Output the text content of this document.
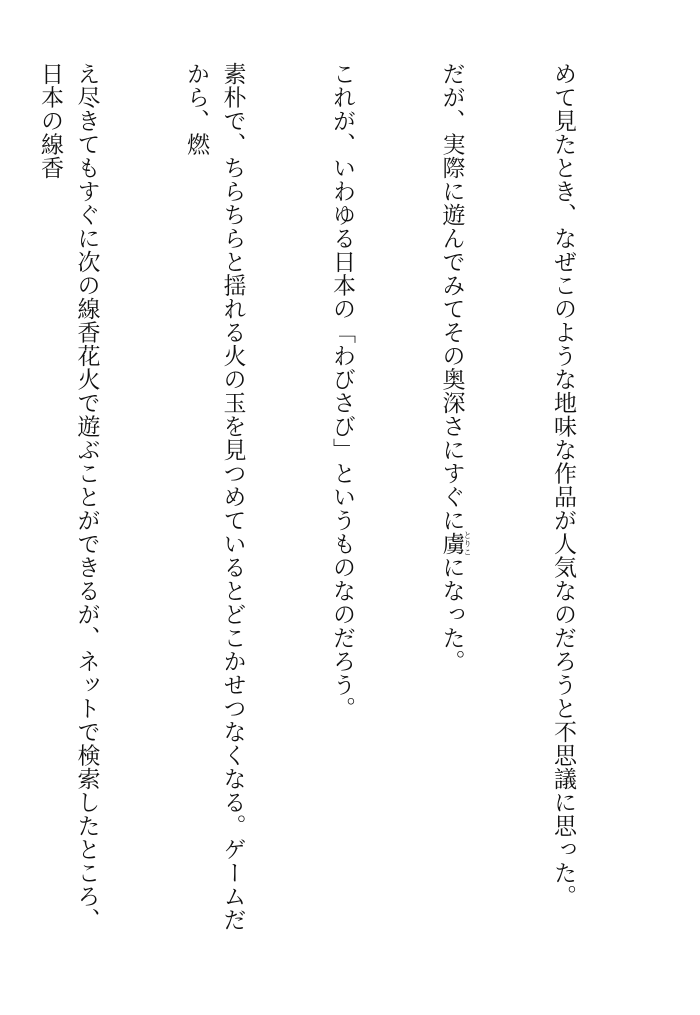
めて見たとき、なぜこのような地味な作品が人気なのだろうと不思議に思った。

だが、実際に遊んでみてその奥深さにすぐに虜とりこになった。

これが、いわゆる日本の「わびさび」というものなのだろう。

素朴で、ちらちらと揺れる火の玉を見つめているとどこかせつなくなる。ゲームだから、燃

え尽きてもすぐに次の線香花火で遊ぶことができるが、ネットで検索したところ、日本の線香
